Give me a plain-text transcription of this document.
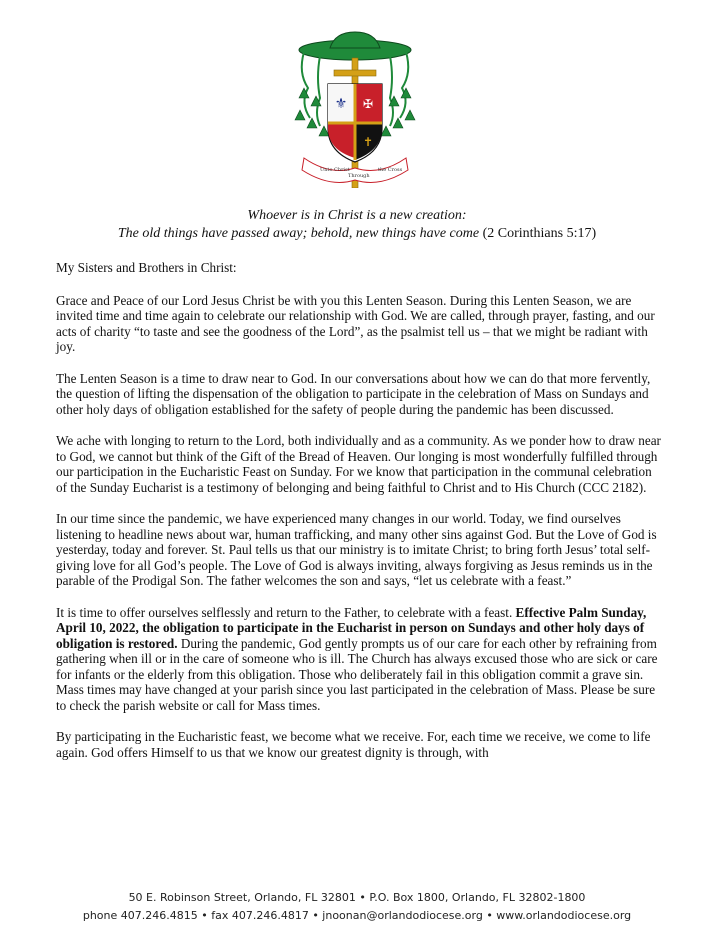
⚜ ✠
✝
Unto Christ
Through
the Cross
Whoever is in Christ is a new creation:
The old things have passed away; behold, new things have come (2 Corinthians 5:17)

My Sisters and Brothers in Christ:

Grace and Peace of our Lord Jesus Christ be with you this Lenten Season. During this Lenten Season, we are invited time and time again to celebrate our relationship with God. We are called, through prayer, fasting, and our acts of charity “to taste and see the goodness of the Lord”, as the psalmist tell us – that we might be radiant with joy.

The Lenten Season is a time to draw near to God. In our conversations about how we can do that more fervently, the question of lifting the dispensation of the obligation to participate in the celebration of Mass on Sundays and other holy days of obligation established for the safety of people during the pandemic has been discussed.

We ache with longing to return to the Lord, both individually and as a community. As we ponder how to draw near to God, we cannot but think of the Gift of the Bread of Heaven. Our longing is most wonderfully fulfilled through our participation in the Eucharistic Feast on Sunday. For we know that participation in the communal celebration of the Sunday Eucharist is a testimony of belonging and being faithful to Christ and to His Church (CCC 2182).

In our time since the pandemic, we have experienced many changes in our world. Today, we find ourselves listening to headline news about war, human trafficking, and many other sins against God. But the Love of God is yesterday, today and forever. St. Paul tells us that our ministry is to imitate Christ; to bring forth Jesus’ total self-giving love for all God’s people. The Love of God is always inviting, always forgiving as Jesus reminds us in the parable of the Prodigal Son. The father welcomes the son and says, “let us celebrate with a feast.”

It is time to offer ourselves selflessly and return to the Father, to celebrate with a feast. Effective Palm Sunday, April 10, 2022, the obligation to participate in the Eucharist in person on Sundays and other holy days of obligation is restored. During the pandemic, God gently prompts us of our care for each other by refraining from gathering when ill or in the care of someone who is ill. The Church has always excused those who are sick or care for infants or the elderly from this obligation. Those who deliberately fail in this obligation commit a grave sin. Mass times may have changed at your parish since you last participated in the celebration of Mass. Please be sure to check the parish website or call for Mass times.

By participating in the Eucharistic feast, we become what we receive. For, each time we receive, we come to life again. God offers Himself to us that we know our greatest dignity is through, with

50 E. Robinson Street, Orlando, FL 32801 • P.O. Box 1800, Orlando, FL 32802-1800
phone 407.246.4815 • fax 407.246.4817 • jnoonan@orlandodiocese.org • www.orlandodiocese.org
